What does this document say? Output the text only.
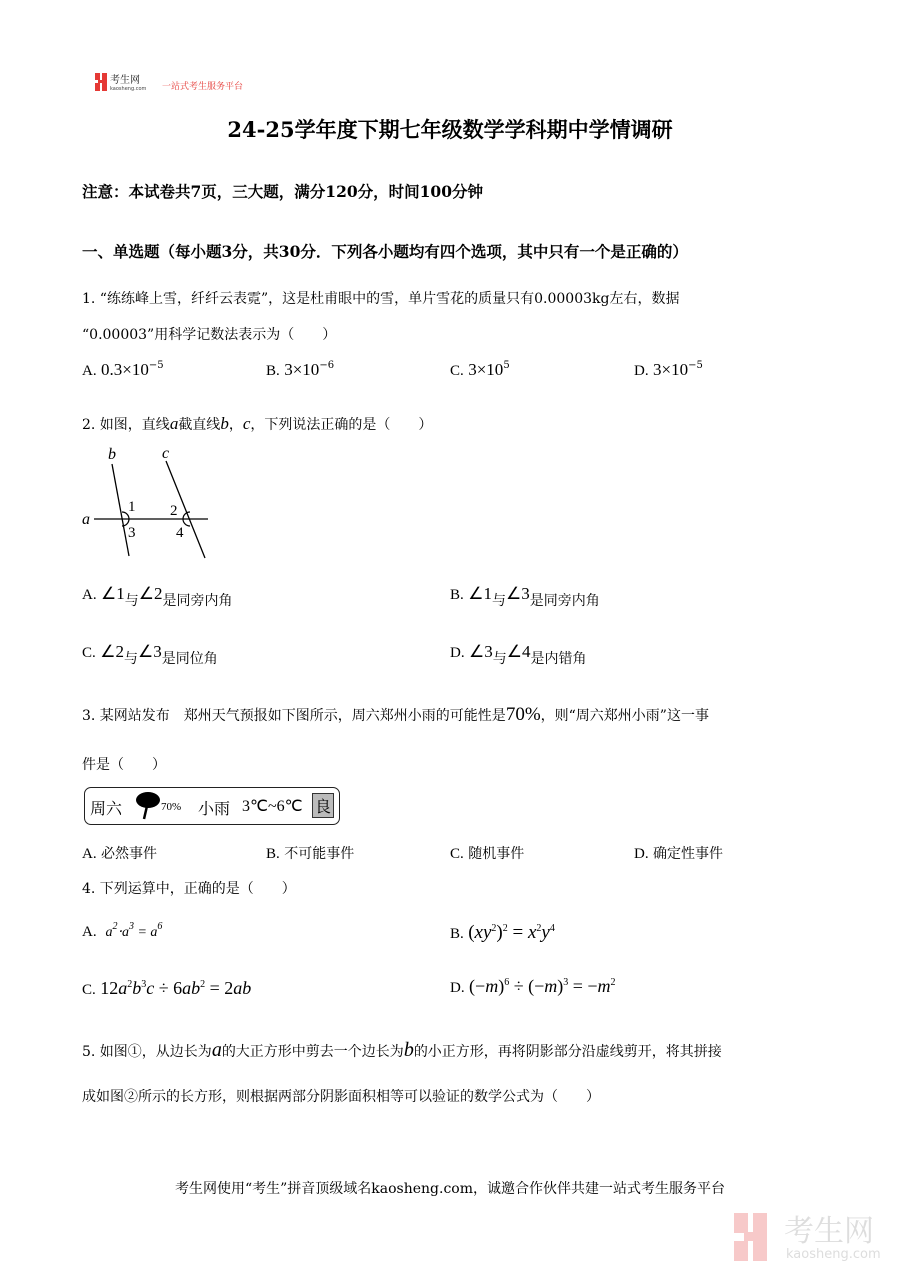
考生网
kaosheng.com 一站式考生服务平台
24-25学年度下期七年级数学学科期中学情调研
注意：本试卷共7页，三大题，满分120分，时间100分钟
一、单选题（每小题3分，共30分．下列各小题均有四个选项，其中只有一个是正确的）
1. “练练峰上雪，纤纤云表霓”，这是杜甫眼中的雪，单片雪花的质量只有0.00003kg左右，数据
“0.00003”用科学记数法表示为（　　）
A. $0.3\times 10^{-5}$	B. $3\times 10^{-6}$	C. $3\times 10^5$	D. $3\times 10^{-5}$
2. 如图，直线a截直线b，c，下列说法正确的是（　　）
a
b	c
1 2
3	4
A. ∠1与∠2是同旁内角	B. ∠1与∠3是同旁内角
C. ∠2与∠3是同位角	D. ∠3与∠4是内错角
3. 某网站发布　郑州天气预报如下图所示，周六郑州小雨的可能性是70%，则“周六郑州小雨”这一事
件是（　　）
周六	70% 小雨 3℃~6℃ 良
A. 必然事件	B. 不可能事件	C. 随机事件	D. 确定性事件
4. 下列运算中，正确的是（　　）
A. $a^2\cdot a^3 = a^6$	B. $(xy^2)^2 = x^2y^4$
C. $12a^2b^3c \div 6ab^2 = 2ab$	D. $(-m)^6 \div (-m)^3 = -m^2$
5. 如图①，从边长为a的大正方形中剪去一个边长为b的小正方形，再将阴影部分沿虚线剪开，将其拼接
成如图②所示的长方形，则根据两部分阴影面积相等可以验证的数学公式为（　　）
考生网使用“考生”拼音顶级域名kaosheng.com，诚邀合作伙伴共建一站式考生服务平台
考生网
kaosheng.com
